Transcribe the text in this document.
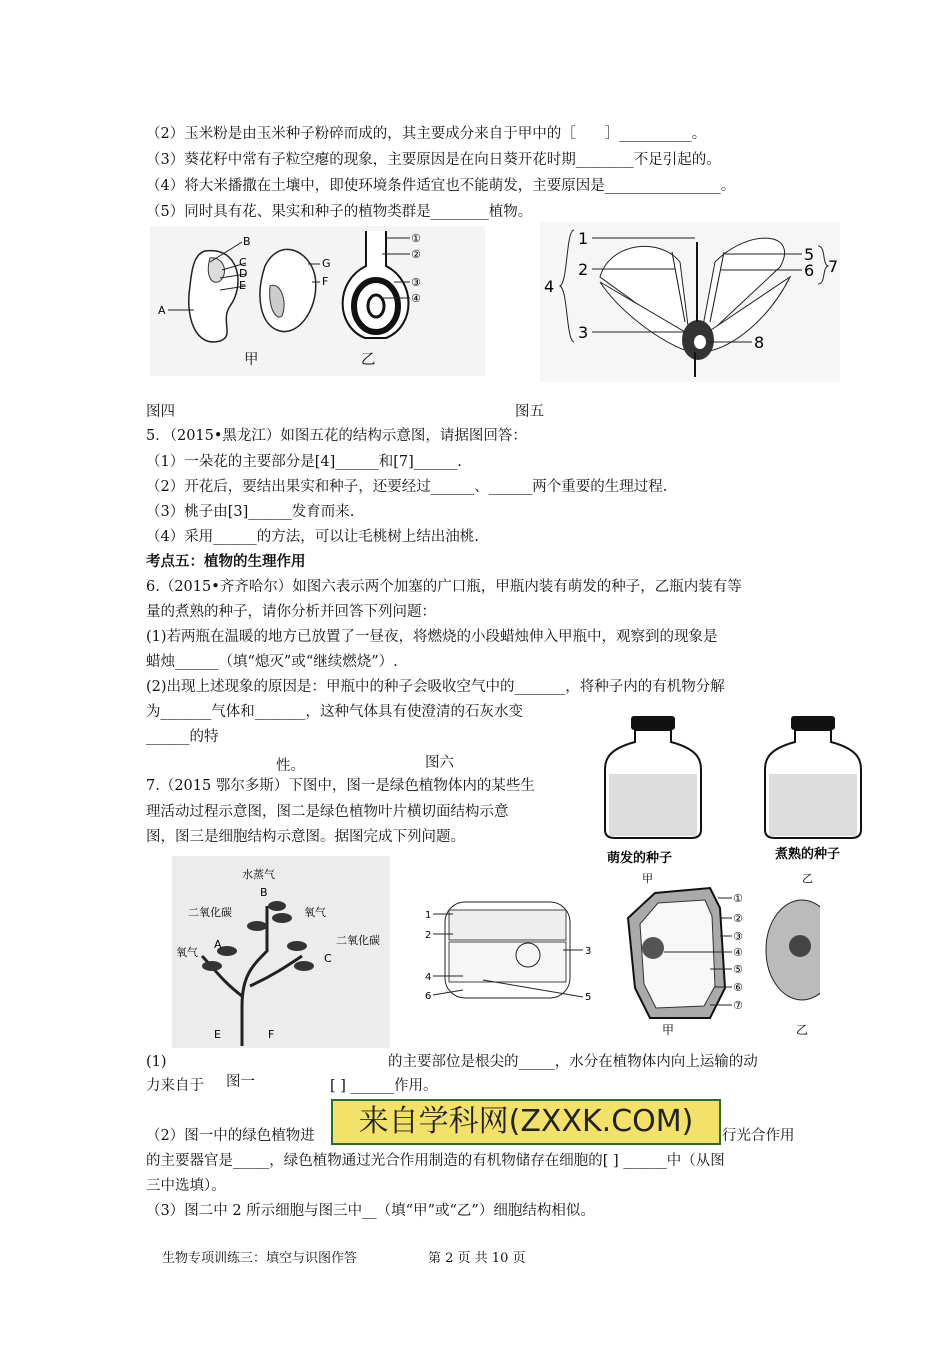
（2）玉米粉是由玉米种子粉碎而成的，其主要成分来自于甲中的［　　］__________。
（3）葵花籽中常有子粒空瘪的现象，主要原因是在向日葵开花时期________不足引起的。
（4）将大米播撒在土壤中，即使环境条件适宜也不能萌发，主要原因是________________。
（5）同时具有花、果实和种子的植物类群是________植物。
A
B
C
D
E	F
G
①
②
③
④
甲	乙
1
2
3
4
5
6 7
8
图四	图五
5．（2015•黑龙江）如图五花的结构示意图，请据图回答：
（1）一朵花的主要部分是[4]______和[7]______.
（2）开花后，要结出果实和种子，还要经过______、______两个重要的生理过程.
（3）桃子由[3]______发育而来.
（4）采用______的方法，可以让毛桃树上结出油桃.
考点五：植物的生理作用
6.（2015•齐齐哈尔）如图六表示两个加塞的广口瓶，甲瓶内装有萌发的种子，乙瓶内装有等
量的煮熟的种子，请你分析并回答下列问题：
(1)若两瓶在温暖的地方已放置了一昼夜，将燃烧的小段蜡烛伸入甲瓶中，观察到的现象是
蜡烛______（填“熄灭”或“继续燃烧”）.
(2)出现上述现象的原因是：甲瓶中的种子会吸收空气中的_______，将种子内的有机物分解
为_______气体和_______，这种气体具有使澄清的石灰水变
______的特
性。	图六
7.（2015 鄂尔多斯）下图中，图一是绿色植物体内的某些生
理活动过程示意图，图二是绿色植物叶片横切面结构示意
图，图三是细胞结构示意图。据图完成下列问题。
萌发的种子	煮熟的种子
水蒸气
B
二氧化碳	氧气
氧气
A	二氧化碳
C
E	F
1
2
3
4
5
6
甲	乙
①
②
③
④
⑤
⑥
⑦
甲	乙
(1)	的主要部位是根尖的_____，水分在植物体内向上运输的动
力来自于 图一	[ ] ______作用。
来自学科网(ZXXK.COM)
（2）图一中的绿色植物进	行光合作用
的主要器官是_____，绿色植物通过光合作用制造的有机物储存在细胞的[ ] ______中（从图
三中选填）。
（3）图二中 2 所示细胞与图三中__（填“甲”或“乙”）细胞结构相似。
生物专项训练三：填空与识图作答	第 2 页 共 10 页
